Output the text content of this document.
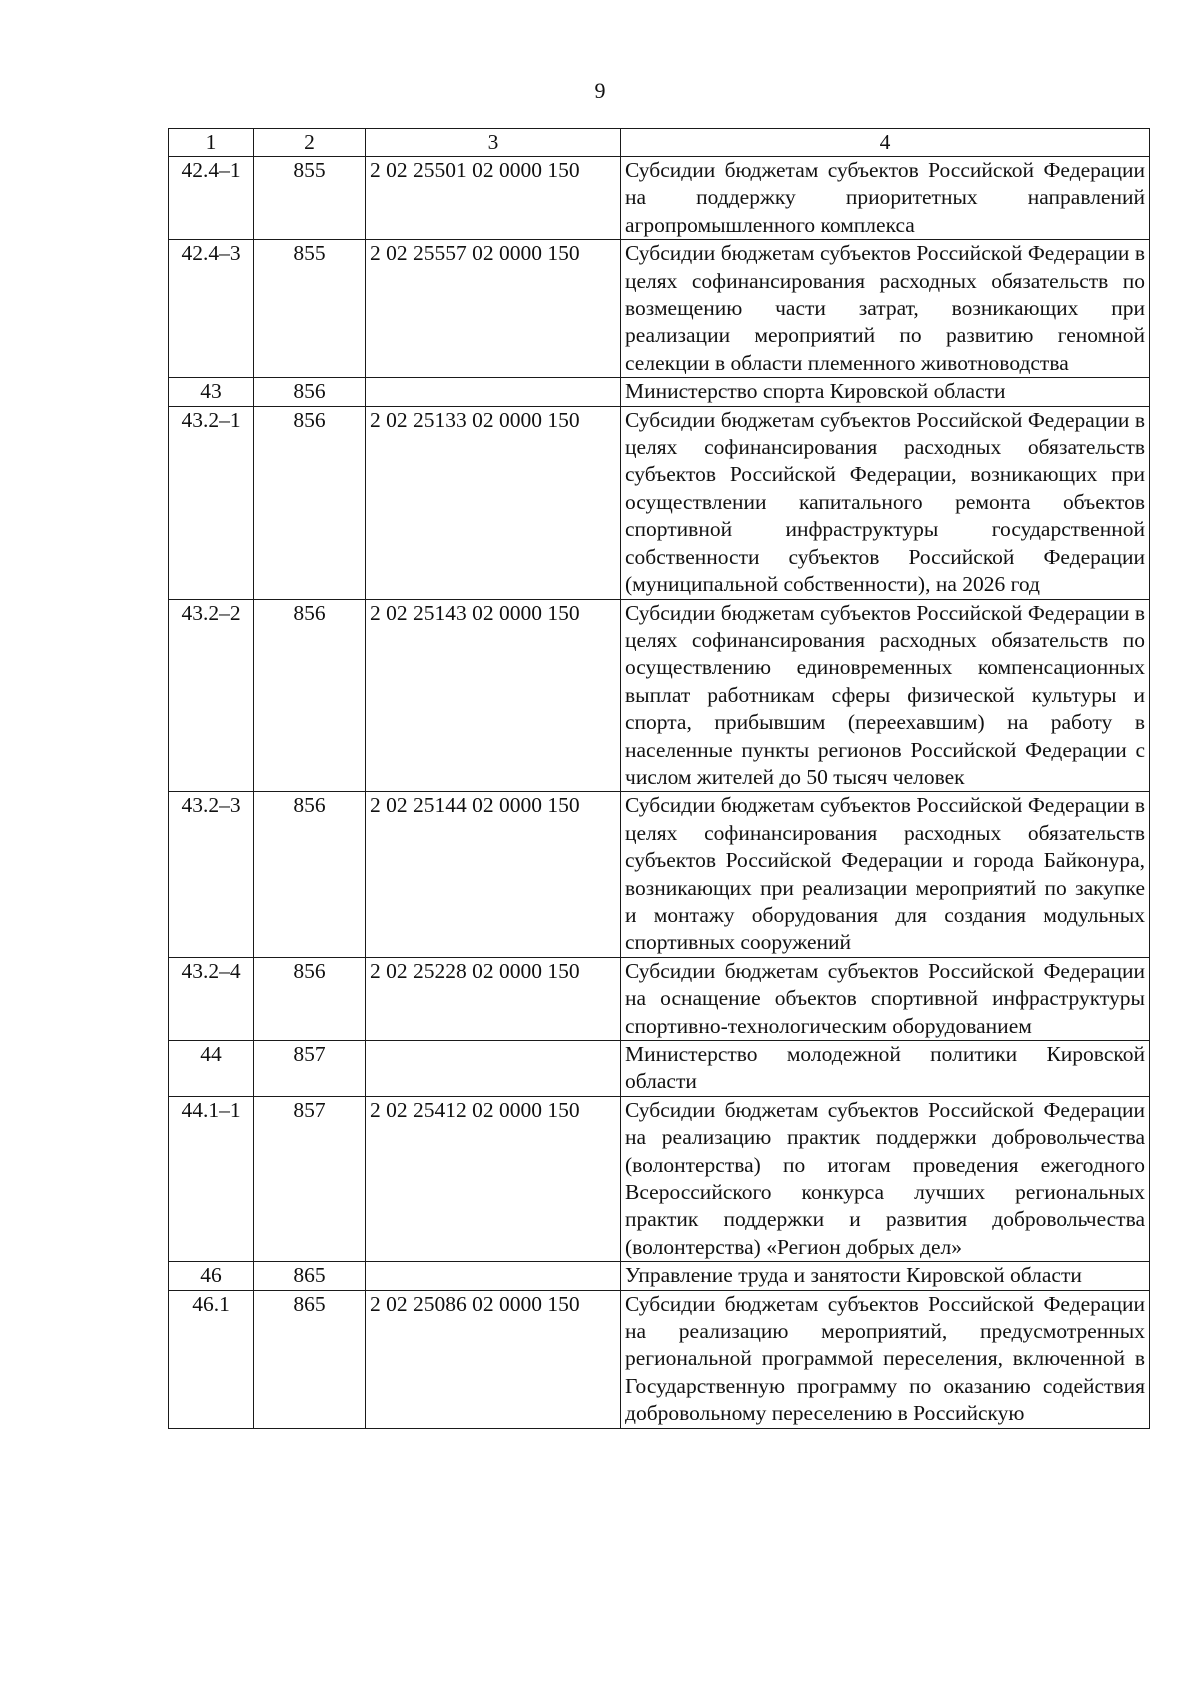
9
1	2	3	4
42.4–1	855	2 02 25501 02 0000 150	Субсидии бюджетам субъектов Российской Федерации на поддержку приоритетных направлений агропромышленного комплекса
42.4–3	855	2 02 25557 02 0000 150	Субсидии бюджетам субъектов Российской Федерации в целях софинансирования расходных обязательств по возмещению части затрат, возникающих при реализации мероприятий по развитию геномной селекции в области племенного животноводства
43	856		Министерство спорта Кировской области
43.2–1	856	2 02 25133 02 0000 150	Субсидии бюджетам субъектов Российской Федерации в целях софинансирования расходных обязательств субъектов Российской Федерации, возникающих при осуществлении капитального ремонта объектов спортивной инфраструктуры государственной собственности субъектов Российской Федерации (муниципальной собственности), на 2026 год
43.2–2	856	2 02 25143 02 0000 150	Субсидии бюджетам субъектов Российской Федерации в целях софинансирования расходных обязательств по осуществлению единовременных компенсационных выплат работникам сферы физической культуры и спорта, прибывшим (переехавшим) на работу в населенные пункты регионов Российской Федерации с числом жителей до 50 тысяч человек
43.2–3	856	2 02 25144 02 0000 150	Субсидии бюджетам субъектов Российской Федерации в целях софинансирования расходных обязательств субъектов Российской Федерации и города Байконура, возникающих при реализации мероприятий по закупке и монтажу оборудования для создания модульных спортивных сооружений
43.2–4	856	2 02 25228 02 0000 150	Субсидии бюджетам субъектов Российской Федерации на оснащение объектов спортивной инфраструктуры спортивно-технологическим оборудованием
44	857		Министерство молодежной политики Кировской области
44.1–1	857	2 02 25412 02 0000 150	Субсидии бюджетам субъектов Российской Федерации на реализацию практик поддержки добровольчества (волонтерства) по итогам проведения ежегодного Всероссийского конкурса лучших региональных практик поддержки и развития добровольчества (волонтерства) «Регион добрых дел»
46	865		Управление труда и занятости Кировской области
46.1	865	2 02 25086 02 0000 150	Субсидии бюджетам субъектов Российской Федерации на реализацию мероприятий, предусмотренных региональной программой переселения, включенной в Государственную программу по оказанию содействия добровольному переселению в Российскую
